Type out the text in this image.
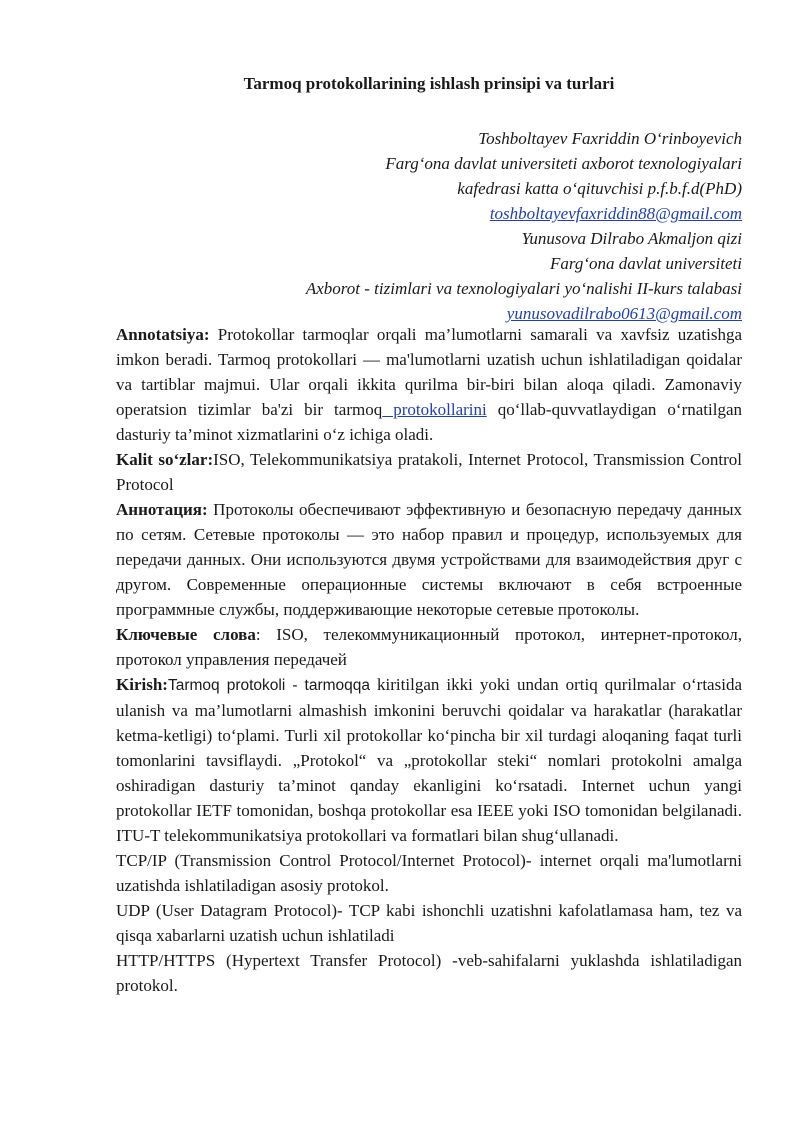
Tarmoq protokollarining ishlash prinsipi va turlari
Toshboltayev Faxriddin O‘rinboyevich
Farg‘ona davlat universiteti axborot texnologiyalari
kafedrasi katta o‘qituvchisi p.f.b.f.d(PhD)
toshboltayevfaxriddin88@gmail.com
Yunusova Dilrabo Akmaljon qizi
Farg‘ona davlat universiteti
Axborot - tizimlari va texnologiyalari yo‘nalishi II-kurs talabasi
yunusovadilrabo0613@gmail.com

Annotatsiya: Protokollar tarmoqlar orqali ma’lumotlarni samarali va xavfsiz uzatishga imkon beradi. Tarmoq protokollari — ma'lumotlarni uzatish uchun ishlatiladigan qoidalar va tartiblar majmui. Ular orqali ikkita qurilma bir-biri bilan aloqa qiladi. Zamonaviy operatsion tizimlar ba'zi bir tarmoq protokollarini qo‘llab-quvvatlaydigan o‘rnatilgan dasturiy ta’minot xizmatlarini o‘z ichiga oladi.

Kalit so‘zlar:ISO, Telekommunikatsiya pratakoli, Internet Protocol, Transmission Control Protocol

Аннотация: Протоколы обеспечивают эффективную и безопасную передачу данных по сетям. Сетевые протоколы — это набор правил и процедур, используемых для передачи данных. Они используются двумя устройствами для взаимодействия друг с другом. Современные операционные системы включают в себя встроенные программные службы, поддерживающие некоторые сетевые протоколы.

Ключевые слова: ISO, телекоммуникационный протокол, интернет-протокол, протокол управления передачей

Kirish:Tarmoq protokoli - tarmoqqa kiritilgan ikki yoki undan ortiq qurilmalar o‘rtasida ulanish va ma’lumotlarni almashish imkonini beruvchi qoidalar va harakatlar (harakatlar ketma-ketligi) to‘plami. Turli xil protokollar ko‘pincha bir xil turdagi aloqaning faqat turli tomonlarini tavsiflaydi. „Protokol“ va „protokollar steki“ nomlari protokolni amalga oshiradigan dasturiy ta’minot qanday ekanligini ko‘rsatadi. Internet uchun yangi protokollar IETF tomonidan, boshqa protokollar esa IEEE yoki ISO tomonidan belgilanadi. ITU-T telekommunikatsiya protokollari va formatlari bilan shug‘ullanadi.

TCP/IP (Transmission Control Protocol/Internet Protocol)- internet orqali ma'lumotlarni uzatishda ishlatiladigan asosiy protokol.

UDP (User Datagram Protocol)- TCP kabi ishonchli uzatishni kafolatlamasa ham, tez va qisqa xabarlarni uzatish uchun ishlatiladi

HTTP/HTTPS (Hypertext Transfer Protocol) -veb-sahifalarni yuklashda ishlatiladigan protokol.
